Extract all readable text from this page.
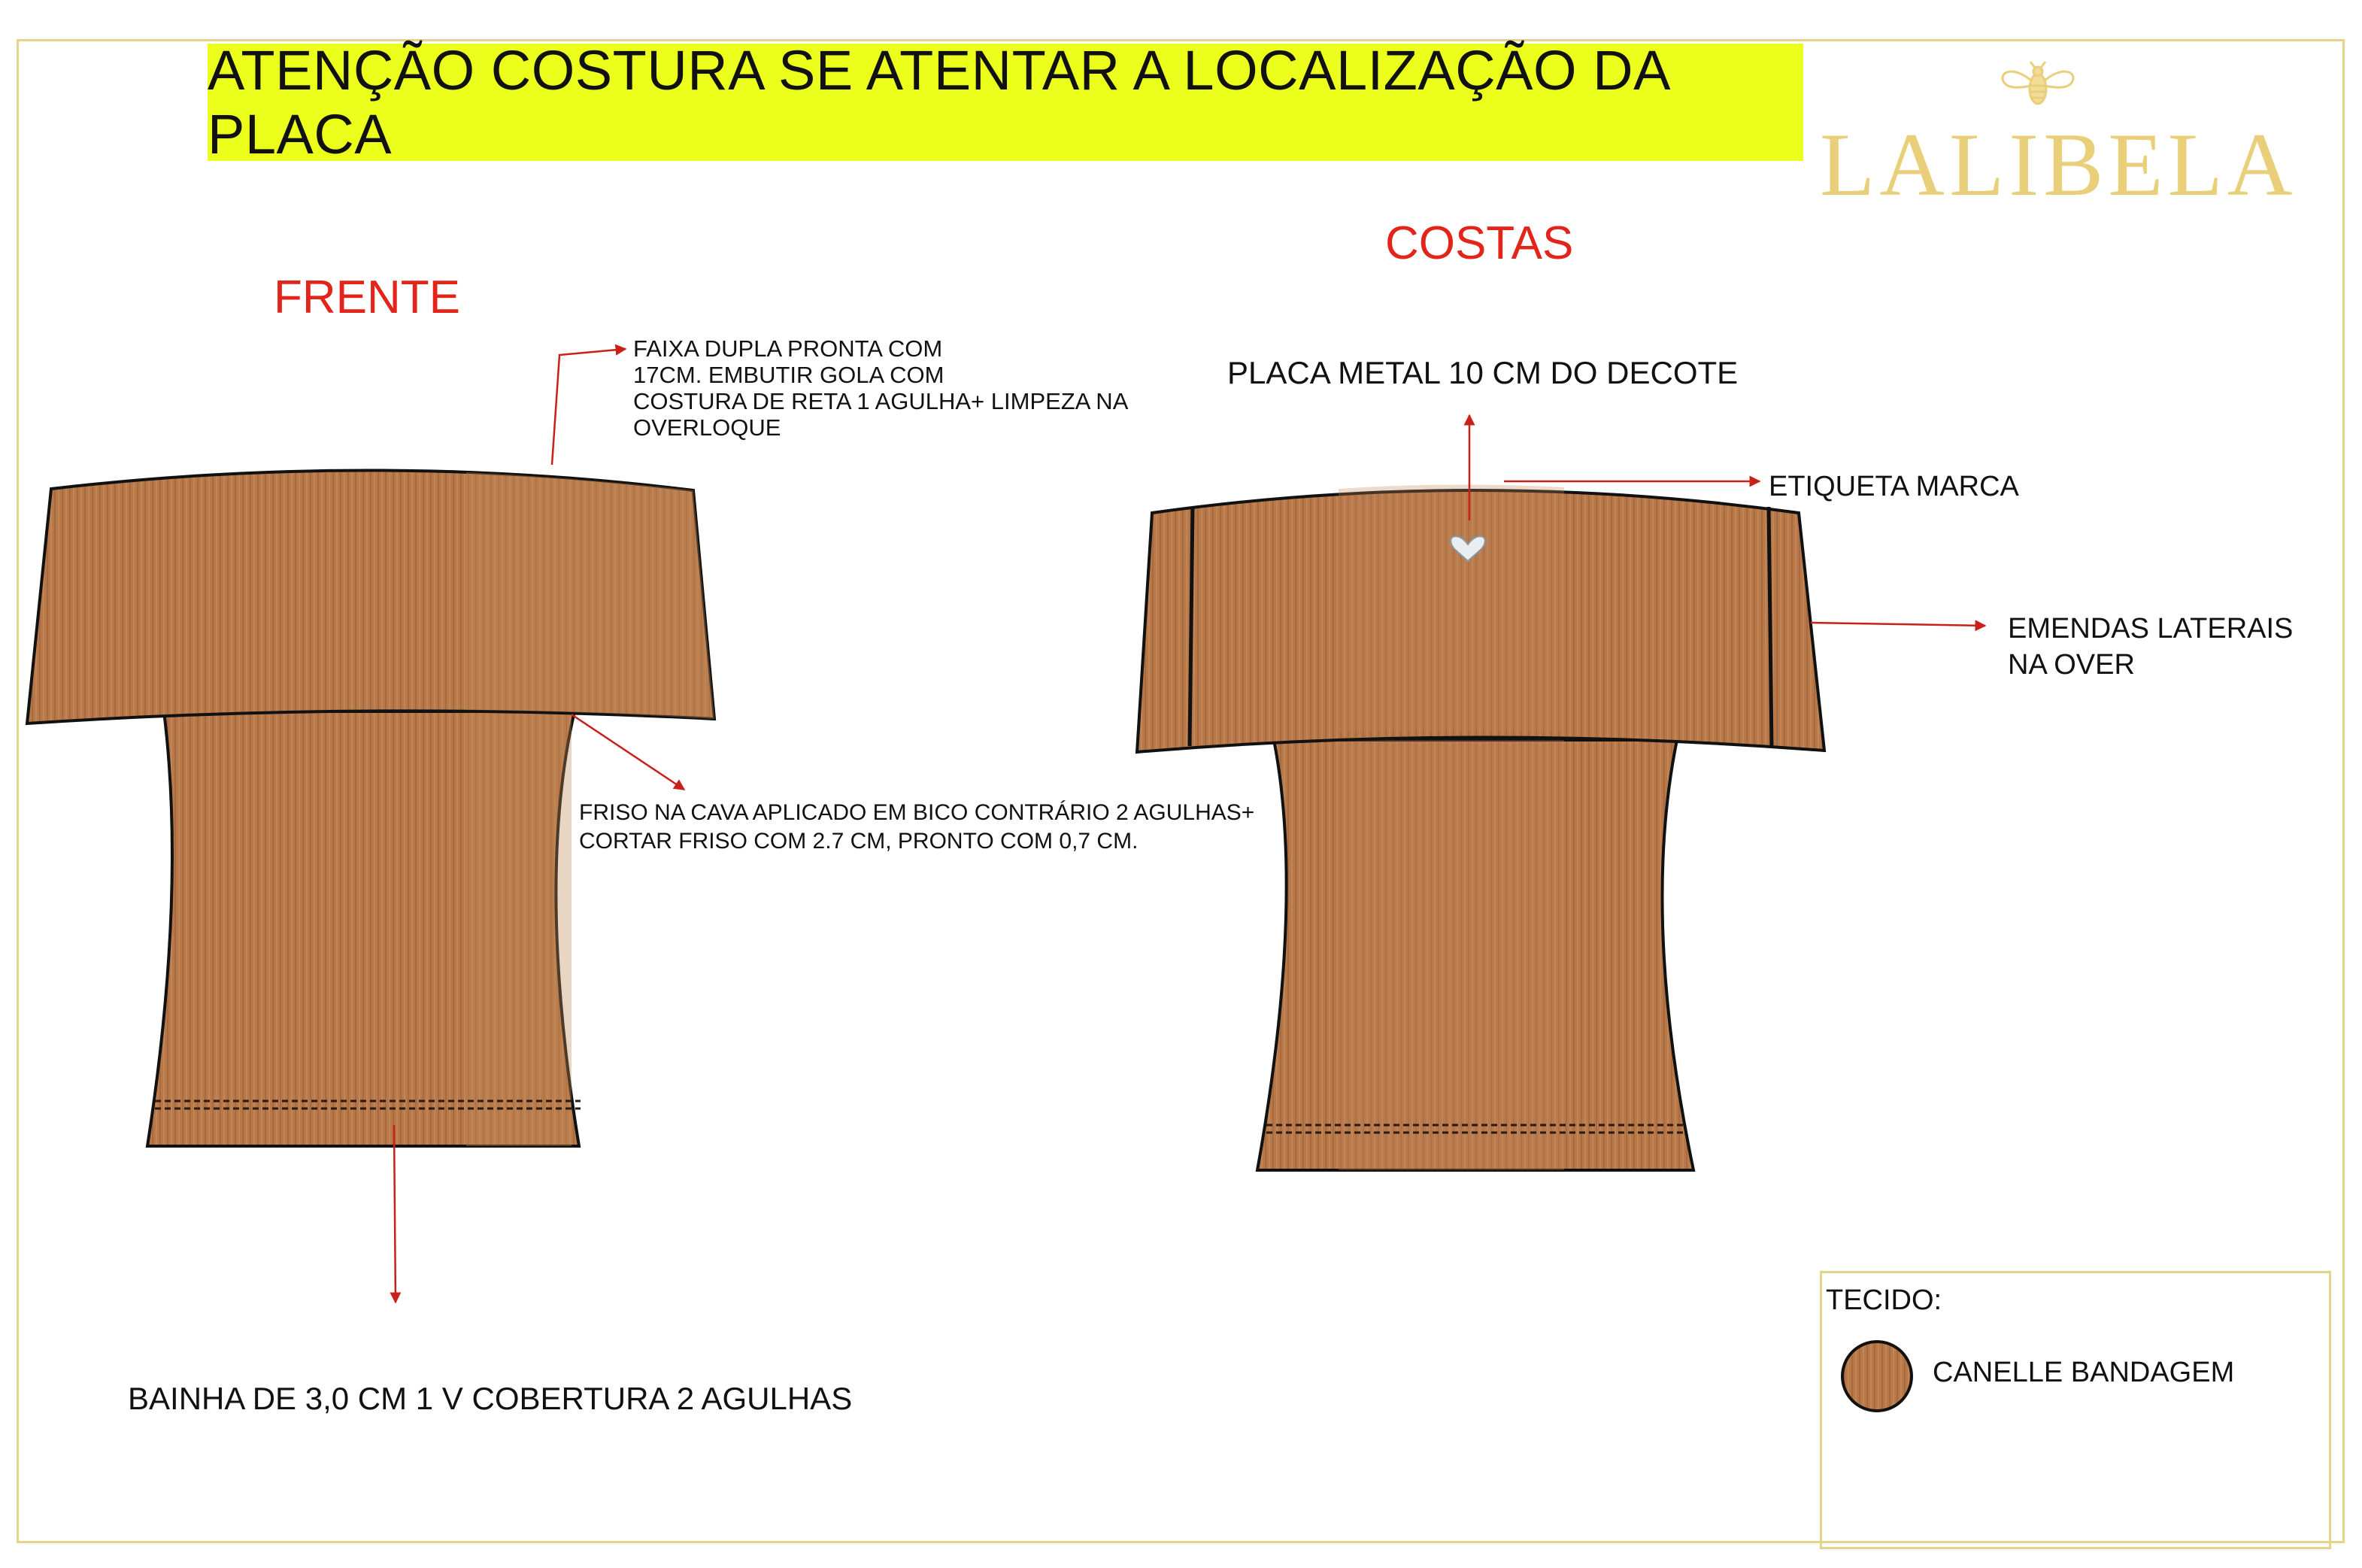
ATENÇÃO COSTURA SE ATENTAR A LOCALIZAÇÃO DA PLACA	LALIBELA
FRENTE
COSTAS
FAIXA DUPLA PRONTA COM
17CM. EMBUTIR GOLA COM
COSTURA DE RETA 1 AGULHA+ LIMPEZA NA
OVERLOQUE
FRISO NA CAVA APLICADO EM BICO CONTRÁRIO 2 AGULHAS+
CORTAR FRISO COM 2.7 CM, PRONTO COM 0,7 CM.
BAINHA DE 3,0 CM 1 V COBERTURA 2 AGULHAS
PLACA METAL 10 CM DO DECOTE
ETIQUETA MARCA
EMENDAS LATERAIS
NA OVER
TECIDO:
CANELLE BANDAGEM
